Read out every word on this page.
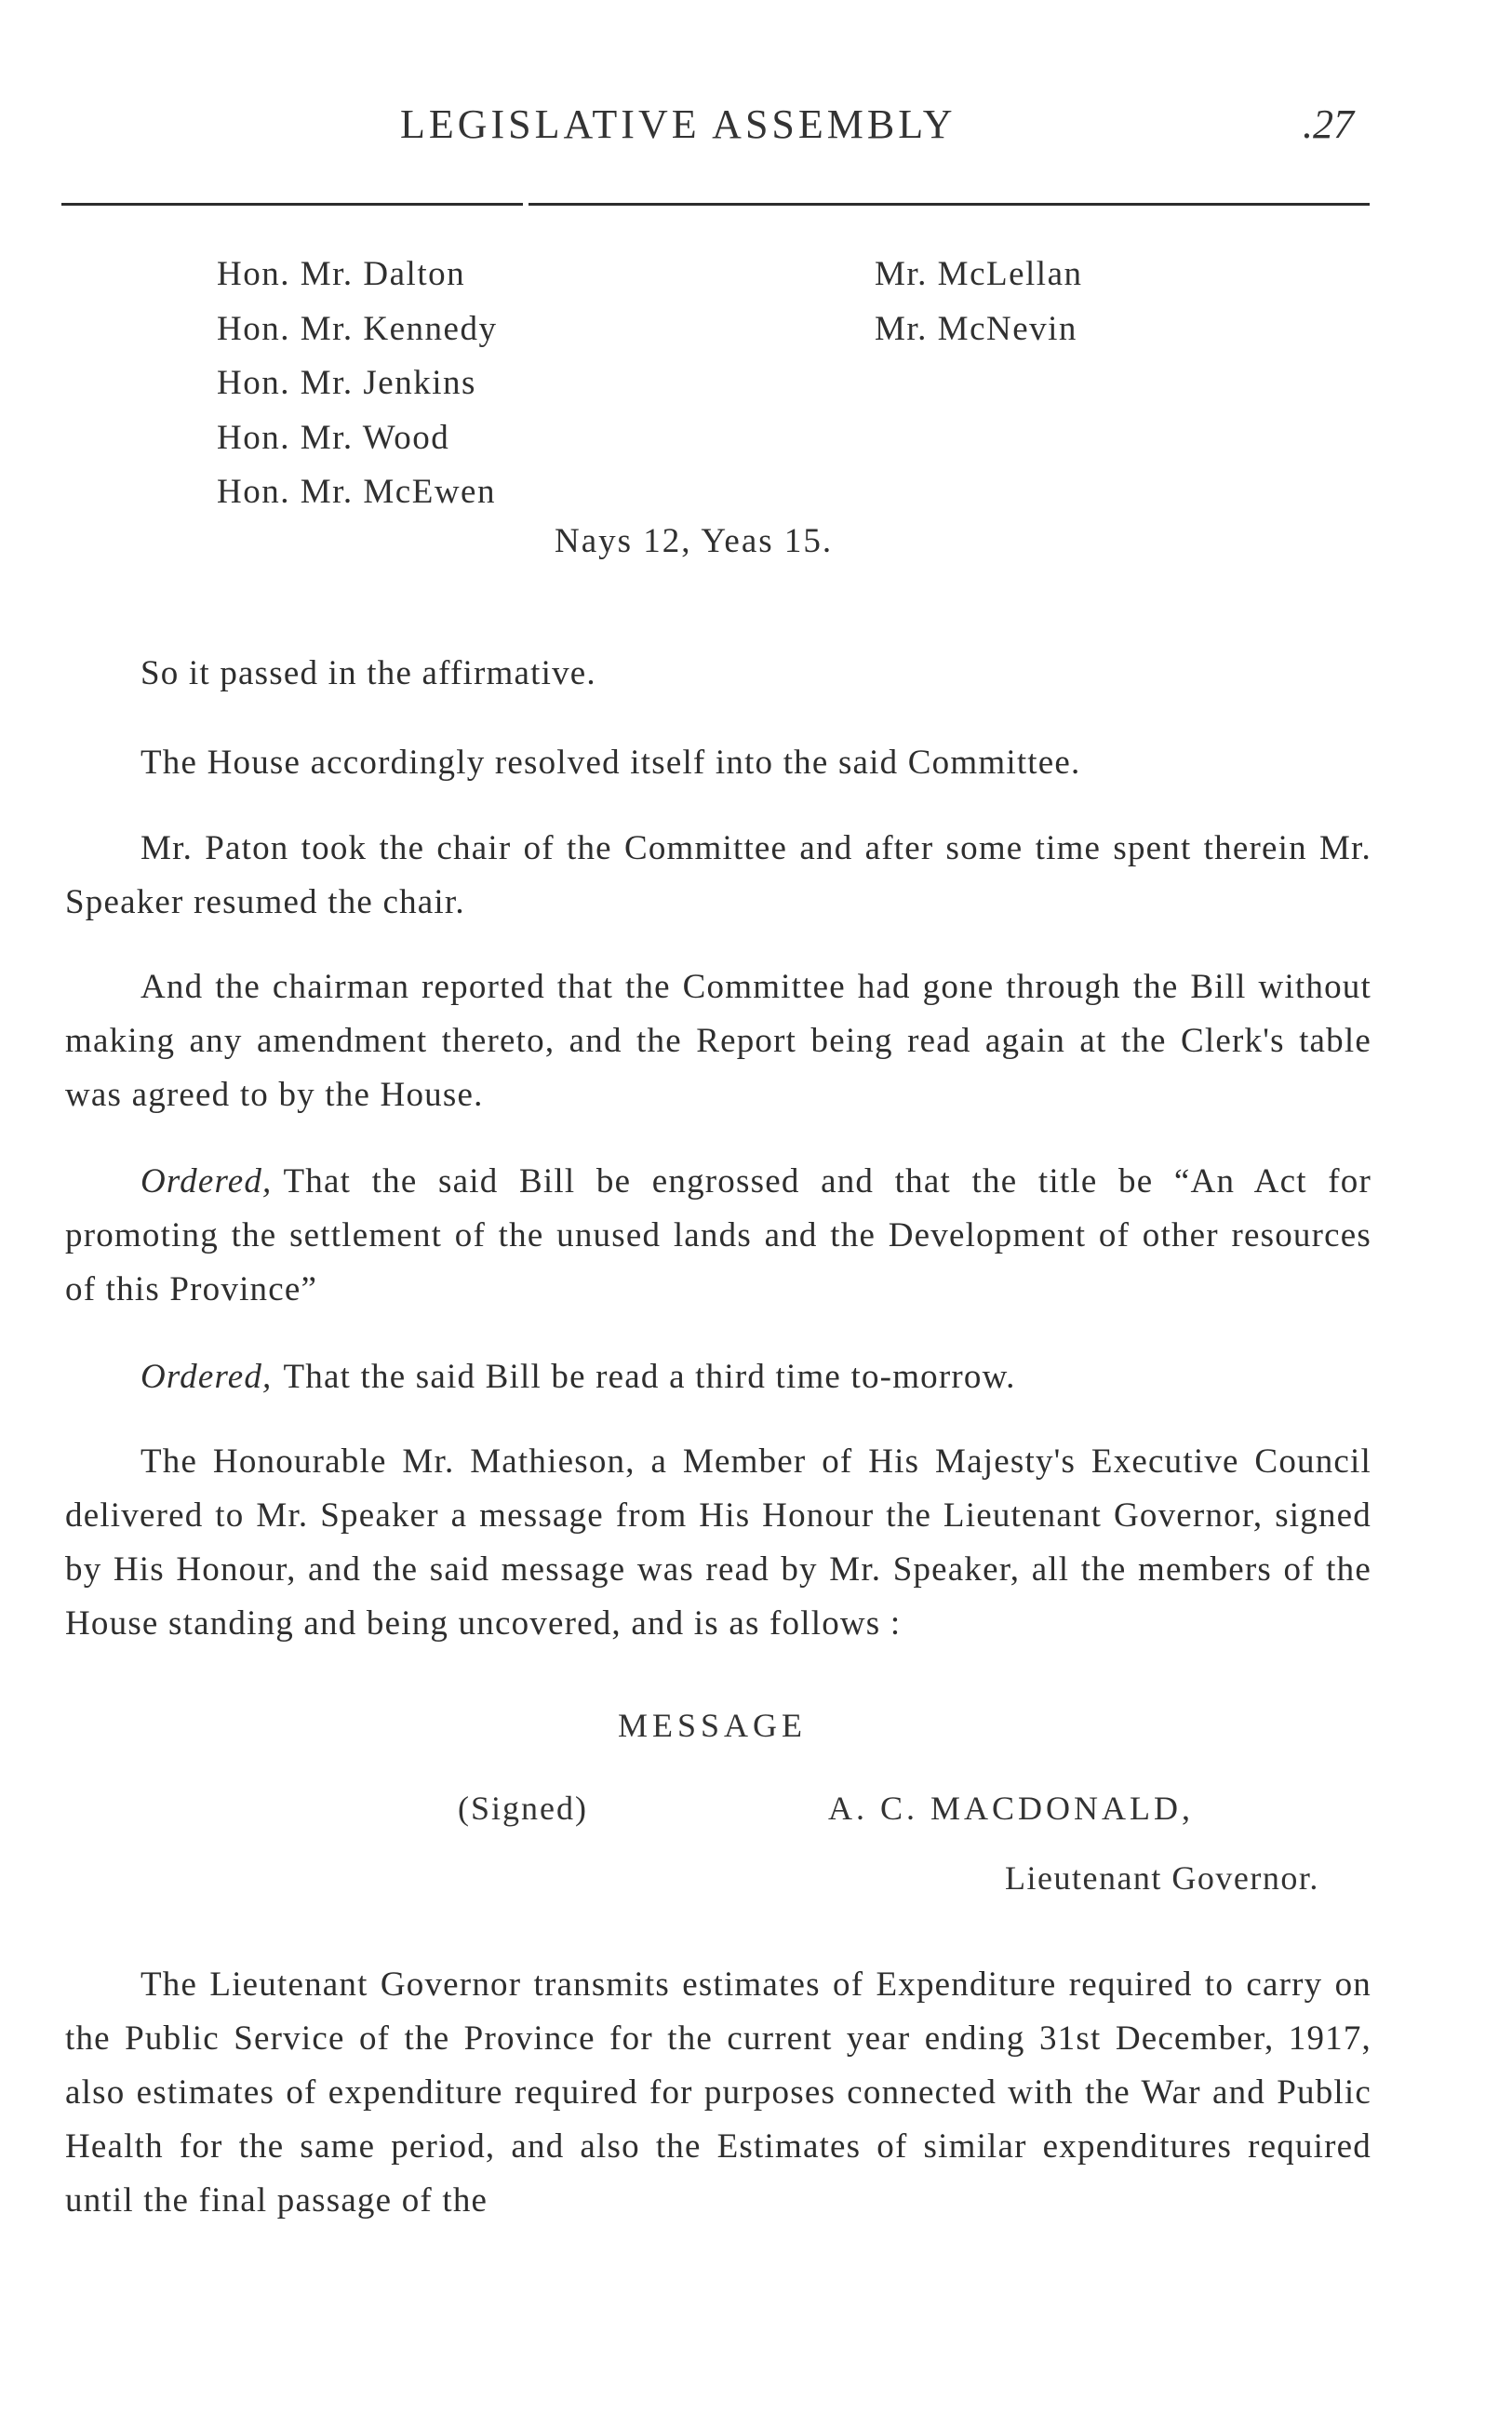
LEGISLATIVE ASSEMBLY	.27
Hon. Mr. Dalton
Hon. Mr. Kennedy
Hon. Mr. Jenkins
Hon. Mr. Wood
Hon. Mr. McEwen
Mr. McLellan
Mr. McNevin
Nays 12, Yeas 15.

So it passed in the affirmative.

The House accordingly resolved itself into the said Committee.

Mr. Paton took the chair of the Committee and after some time spent therein Mr. Speaker resumed the chair.

And the chairman reported that the Committee had gone through the Bill without making any amendment thereto, and the Report being read again at the Clerk's table was agreed to by the House.

Ordered, That the said Bill be engrossed and that the title be “An Act for promoting the settlement of the unused lands and the Development of other resources of this Province”

Ordered, That the said Bill be read a third time to-morrow.

The Honourable Mr. Mathieson, a Member of His Majesty's Executive Council delivered to Mr. Speaker a message from His Honour the Lieutenant Governor, signed by His Honour, and the said message was read by Mr. Speaker, all the members of the House standing and being uncovered, and is as follows :

MESSAGE
(Signed)	A. C. MACDONALD,
Lieutenant Governor.

The Lieutenant Governor transmits estimates of Expenditure required to carry on the Public Service of the Province for the current year ending 31st December, 1917, also estimates of expenditure required for purposes connected with the War and Public Health for the same period, and also the Estimates of similar expenditures required until the final passage of the
